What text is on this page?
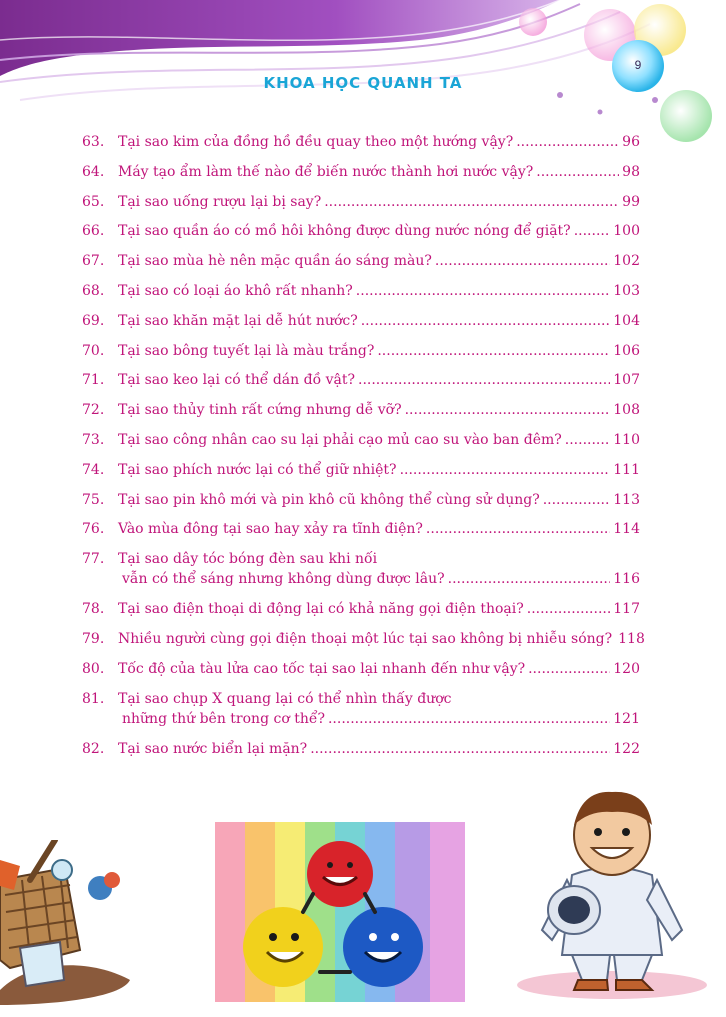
KHOA HỌC QUANH TA
9
63. Tại sao kim của đồng hồ đều quay theo một hướng vậy? .....	96
64. Máy tạo ẩm làm thế nào để biến nước thành hơi nước vậy? .....	98
65. Tại sao uống rượu lại bị say? .....	99
66. Tại sao quần áo có mồ hôi không được dùng nước nóng để giặt? .....	100
67. Tại sao mùa hè nên mặc quần áo sáng màu? .....	102
68. Tại sao có loại áo khô rất nhanh? .....	103
69. Tại sao khăn mặt lại dễ hút nước? .....	104
70. Tại sao bông tuyết lại là màu trắng? .....	106
71. Tại sao keo lại có thể dán đồ vật? .....	107
72. Tại sao thủy tinh rất cứng nhưng dễ vỡ? .....	108
73. Tại sao công nhân cao su lại phải cạo mủ cao su vào ban đêm? .....	110
74. Tại sao phích nước lại có thể giữ nhiệt? .....	111
75. Tại sao pin khô mới và pin khô cũ không thể cùng sử dụng? .....	113
76. Vào mùa đông tại sao hay xảy ra tĩnh điện? .....	114
77. Tại sao dây tóc bóng đèn sau khi nối
vẫn có thể sáng nhưng không dùng được lâu? .....	116
78. Tại sao điện thoại di động lại có khả năng gọi điện thoại? .....	117
79. Nhiều người cùng gọi điện thoại một lúc tại sao không bị nhiễu sóng? 118
80. Tốc độ của tàu lửa cao tốc tại sao lại nhanh đến như vậy? .....	120
81. Tại sao chụp X quang lại có thể nhìn thấy được
những thứ bên trong cơ thể? .....	121
82. Tại sao nước biển lại mặn? .....	122
